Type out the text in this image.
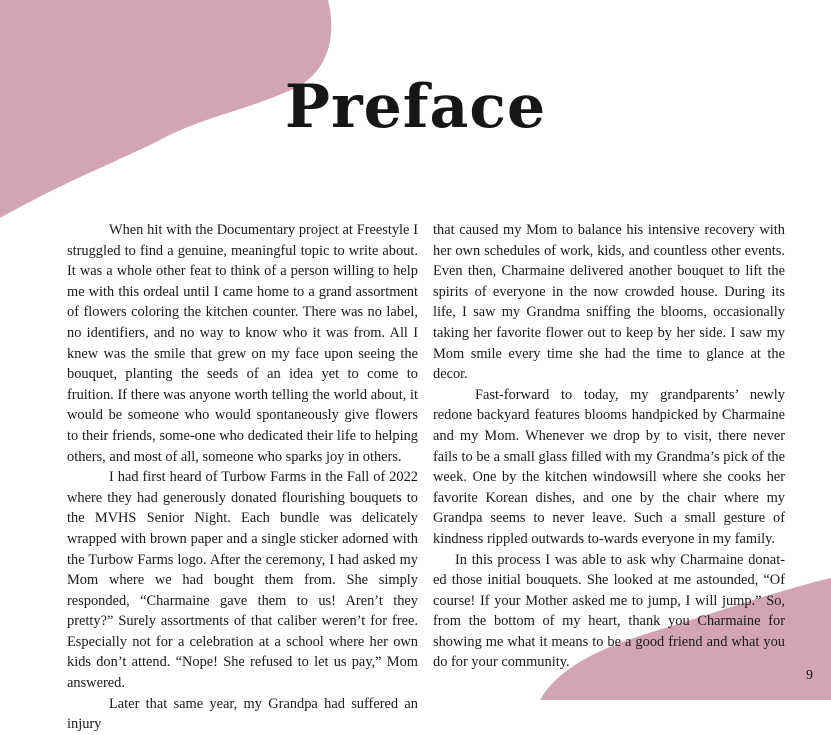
Preface

When hit with the Documentary project at Freestyle I struggled to find a genuine, meaningful topic to write about. It was a whole other feat to think of a person willing to help me with this ordeal until I came home to a grand assortment of flowers coloring the kitchen counter. There was no label, no identifiers, and no way to know who it was from. All I knew was the smile that grew on my face upon seeing the bouquet, planting the seeds of an idea yet to come to fruition. If there was anyone worth telling the world about, it would be someone who would spontaneously give flowers to their friends, some-one who dedicated their life to helping others, and most of all, someone who sparks joy in others.

I had first heard of Turbow Farms in the Fall of 2022 where they had generously donated flourishing bouquets to the MVHS Senior Night. Each bundle was delicately wrapped with brown paper and a single sticker adorned with the Turbow Farms logo. After the ceremony, I had asked my Mom where we had bought them from. She simply responded, “Charmaine gave them to us! Aren’t they pretty?” Surely assortments of that caliber weren’t for free. Especially not for a celebration at a school where her own kids don’t attend. “Nope! She refused to let us pay,” Mom answered.

Later that same year, my Grandpa had suffered an injury

that caused my Mom to balance his intensive recovery with her own schedules of work, kids, and countless other events. Even then, Charmaine delivered another bouquet to lift the spirits of everyone in the now crowded house. During its life, I saw my Grandma sniffing the blooms, occasionally taking her favorite flower out to keep by her side. I saw my Mom smile every time she had the time to glance at the decor.

Fast-forward to today, my grandparents’ newly redone backyard features blooms handpicked by Charmaine and my Mom. Whenever we drop by to visit, there never fails to be a small glass filled with my Grandma’s pick of the week. One by the kitchen windowsill where she cooks her favorite Korean dishes, and one by the chair where my Grandpa seems to never leave. Such a small gesture of kindness rippled outwards to-wards everyone in my family.

In this process I was able to ask why Charmaine donat-ed those initial bouquets. She looked at me astounded, “Of course! If your Mother asked me to jump, I will jump.” So, from the bottom of my heart, thank you Charmaine for showing me what it means to be a good friend and what you do for your community.

9
